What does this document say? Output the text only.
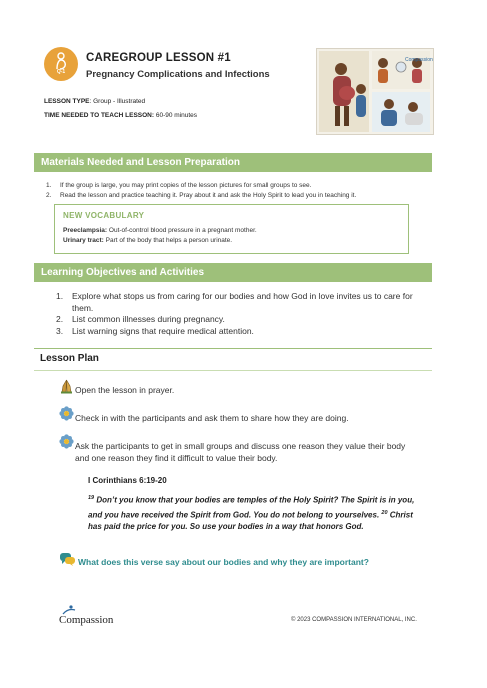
Q-1
CAREGROUP LESSON #1
Pregnancy Complications and Infections
Compassion
LESSON TYPE: Group - Illustrated
TIME NEEDED TO TEACH LESSON: 60-90 minutes
Materials Needed and Lesson Preparation
1. If the group is large, you may print copies of the lesson pictures for small groups to see.
2. Read the lesson and practice teaching it. Pray about it and ask the Holy Spirit to lead you in teaching it.
NEW VOCABULARY
Preeclampsia: Out-of-control blood pressure in a pregnant mother.
Urinary tract: Part of the body that helps a person urinate.
Learning Objectives and Activities
1. Explore what stops us from caring for our bodies and how God in love invites us to care for them.
2. List common illnesses during pregnancy.
3. List warning signs that require medical attention.
Lesson Plan
Open the lesson in prayer.
Check in with the participants and ask them to share how they are doing.
Ask the participants to get in small groups and discuss one reason they value their body and one reason they find it difficult to value their body.
I Corinthians 6:19-20
$^{19}$ Don’t you know that your bodies are temples of the Holy Spirit? The Spirit is in you, and you have received the Spirit from God. You do not belong to yourselves. $^{20}$ Christ has paid the price for you. So use your bodies in a way that honors God.
What does this verse say about our bodies and why they are important?
Compassion	© 2023 COMPASSION INTERNATIONAL, INC.
